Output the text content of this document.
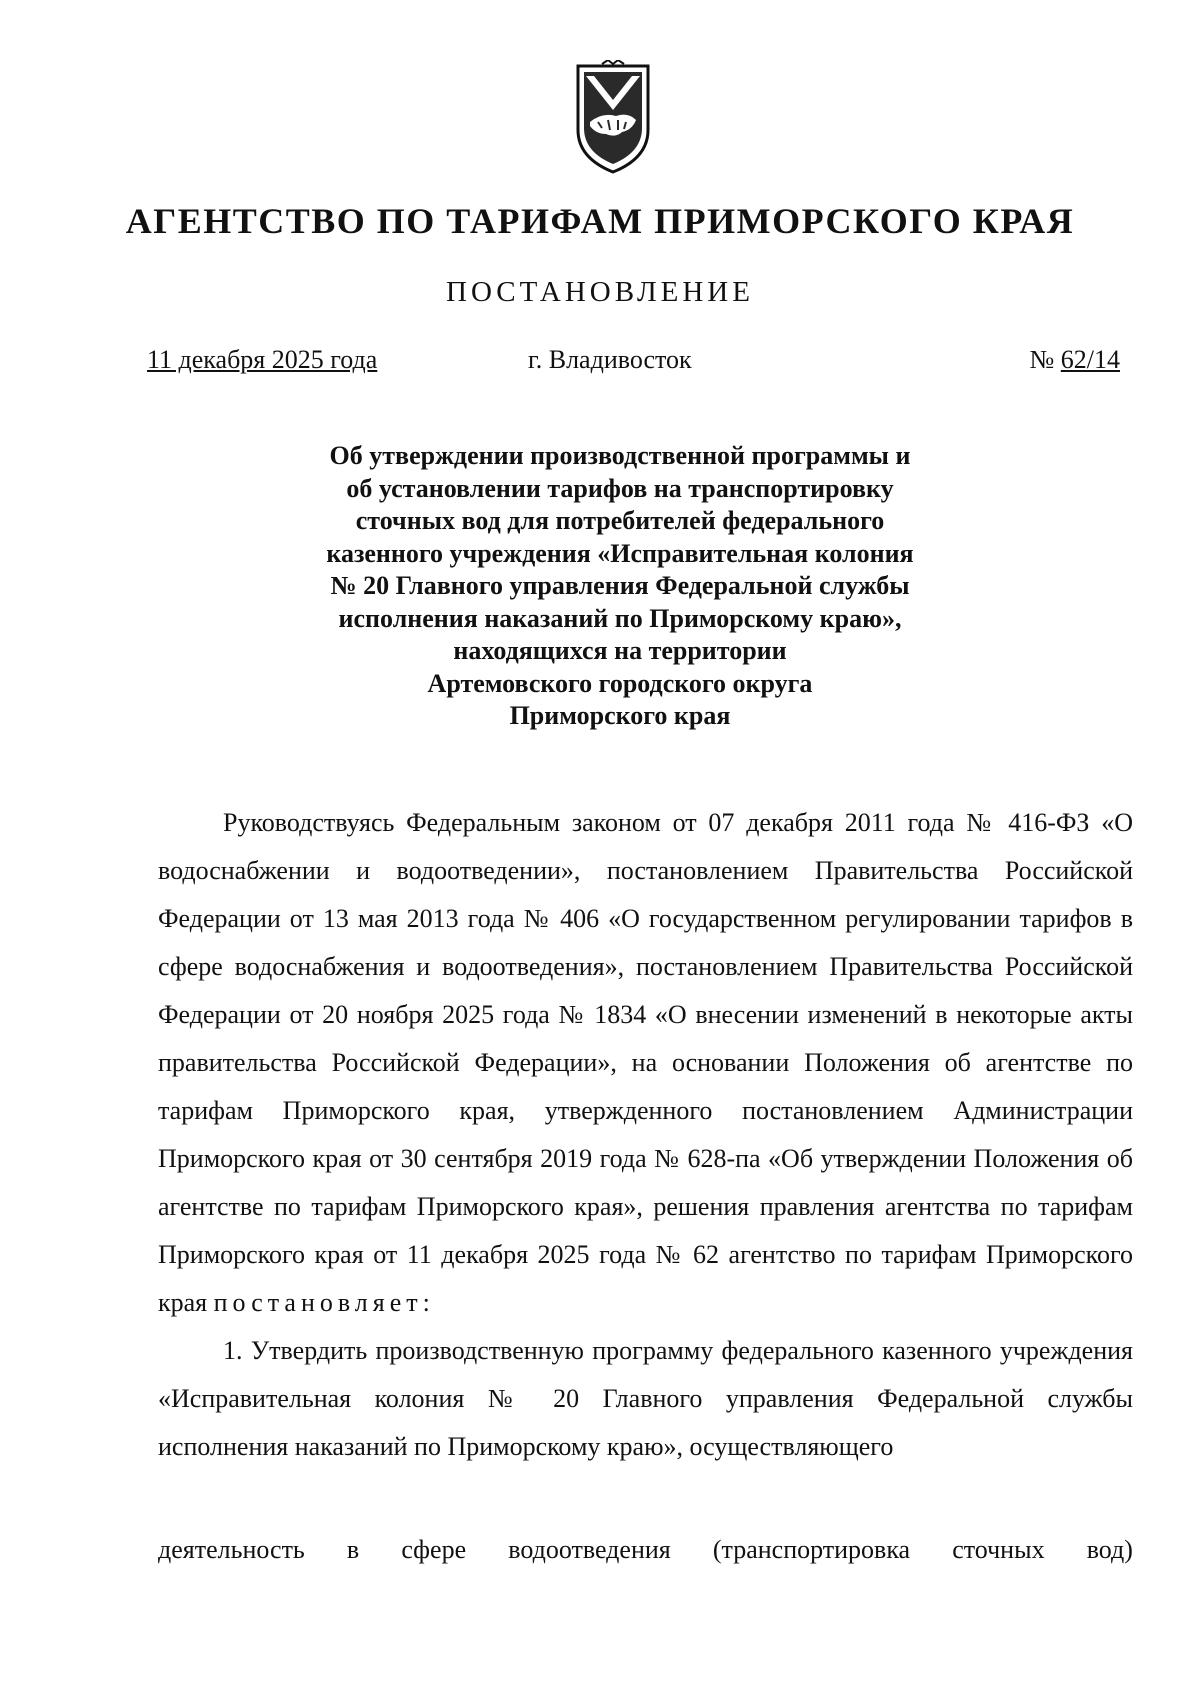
АГЕНТСТВО ПО ТАРИФАМ ПРИМОРСКОГО КРАЯ
ПОСТАНОВЛЕНИЕ
11 декабря 2025 года	г. Владивосток	№ 62/14
Об утверждении производственной программы и
об установлении тарифов на транспортировку
сточных вод для потребителей федерального
казенного учреждения «Исправительная колония
№ 20 Главного управления Федеральной службы
исполнения наказаний по Приморскому краю»,
находящихся на территории
Артемовского городского округа
Приморского края

Руководствуясь Федеральным законом от 07 декабря 2011 года № 416-ФЗ «О водоснабжении и водоотведении», постановлением Правительства Российской Федерации от 13 мая 2013 года № 406 «О государственном регулировании тарифов в сфере водоснабжения и водоотведения», постановлением Правительства Российской Федерации от 20 ноября 2025 года № 1834 «О внесении изменений в некоторые акты правительства Российской Федерации», на основании Положения об агентстве по тарифам Приморского края, утвержденного постановлением Администрации Приморского края от 30 сентября 2019 года № 628-па «Об утверждении Положения об агентстве по тарифам Приморского края», решения правления агентства по тарифам Приморского края от 11 декабря 2025 года № 62 агентство по тарифам Приморского края постановляет:

1. Утвердить производственную программу федерального казенного учреждения «Исправительная колония № 20 Главного управления Федеральной службы исполнения наказаний по Приморскому краю», осуществляющего

деятельность в сфере водоотведения (транспортировка сточных вод)
